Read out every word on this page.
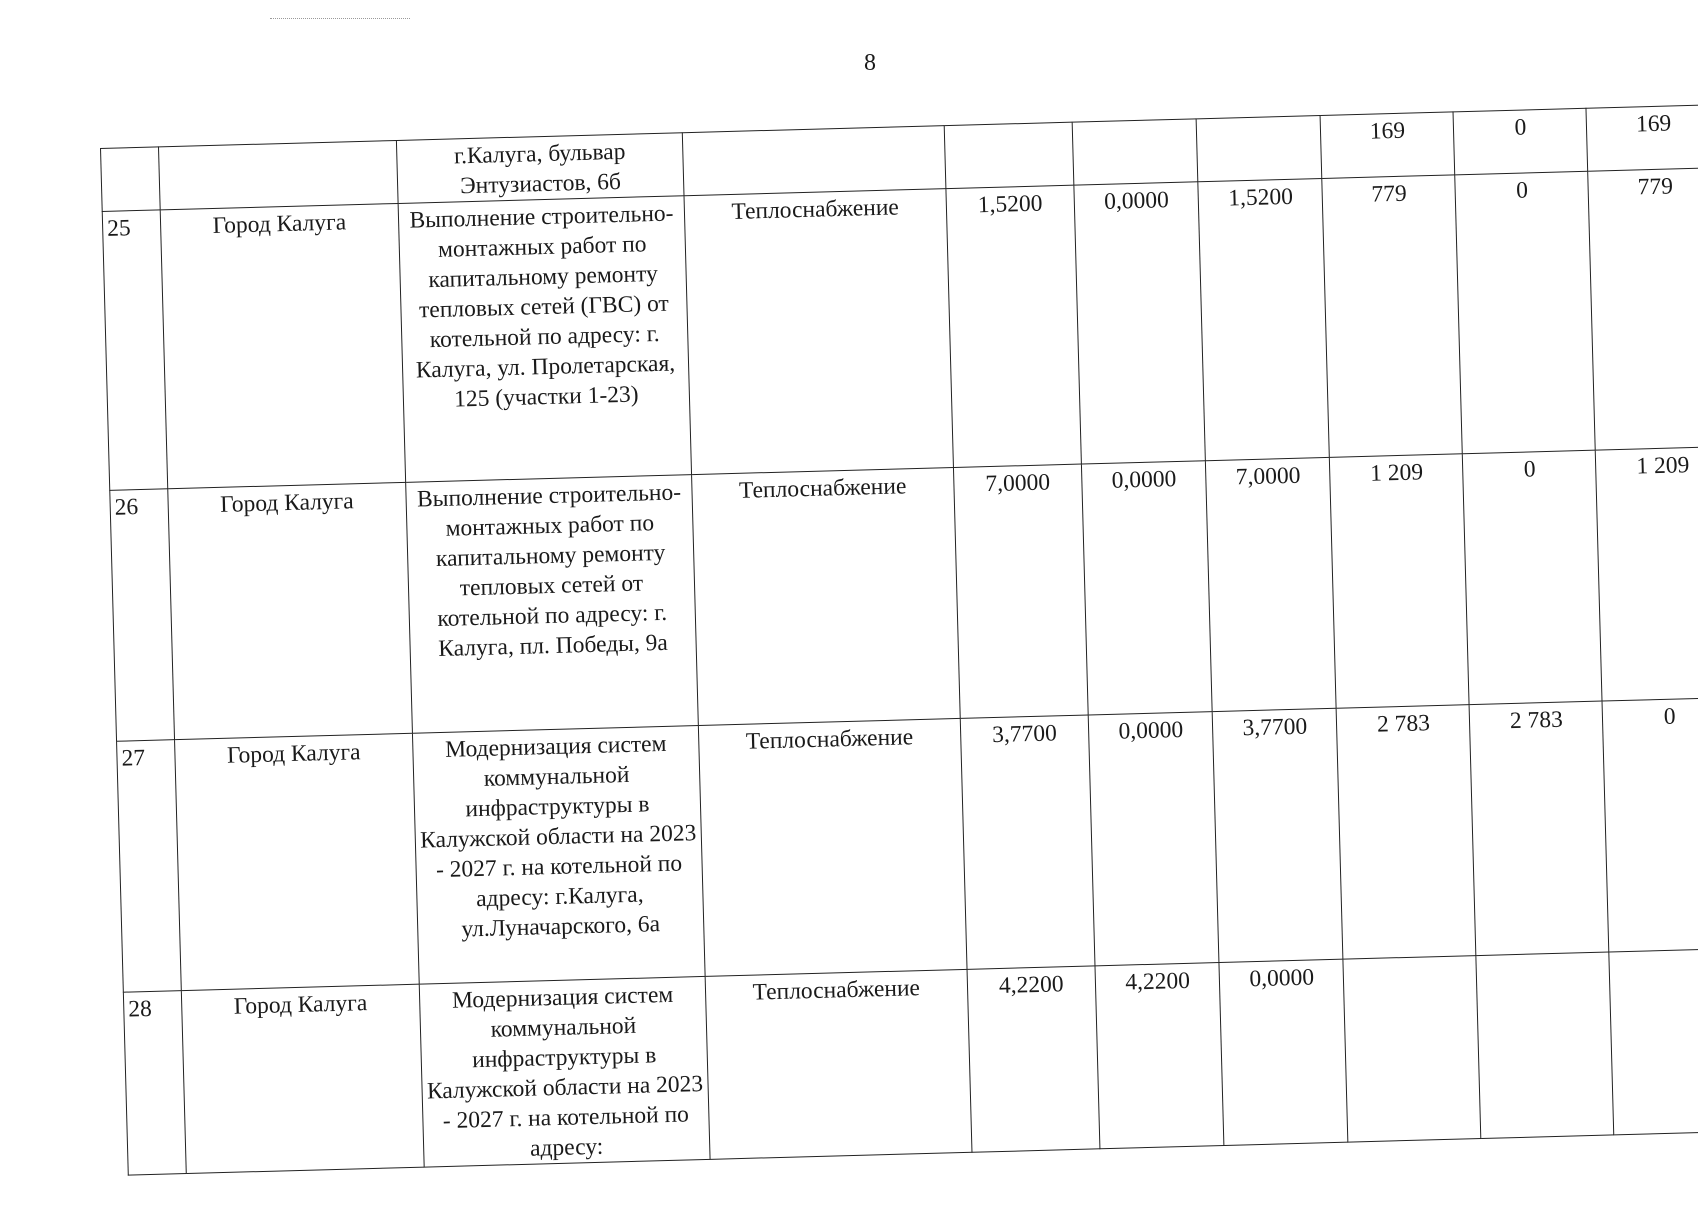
8
		г.Калуга, бульвар Энтузиастов, 6б					169	0	169
25	Город Калуга	Выполнение строительно-монтажных работ по капитальному ремонту тепловых сетей (ГВС) от котельной по адресу: г. Калуга, ул. Пролетарская, 125 (участки 1-23)	Теплоснабжение	1,5200	0,0000	1,5200	779	0	779
26	Город Калуга	Выполнение строительно-монтажных работ по капитальному ремонту тепловых сетей от котельной по адресу: г. Калуга, пл. Победы, 9а	Теплоснабжение	7,0000	0,0000	7,0000	1 209	0	1 209
27	Город Калуга	Модернизация систем коммунальной инфраструктуры в Калужской области на 2023 - 2027 г. на котельной по адресу: г.Калуга, ул.Луначарского, 6а	Теплоснабжение	3,7700	0,0000	3,7700	2 783	2 783	0
28	Город Калуга	Модернизация систем коммунальной инфраструктуры в Калужской области на 2023 - 2027 г. на котельной по адресу:	Теплоснабжение	4,2200	4,2200	0,0000			
